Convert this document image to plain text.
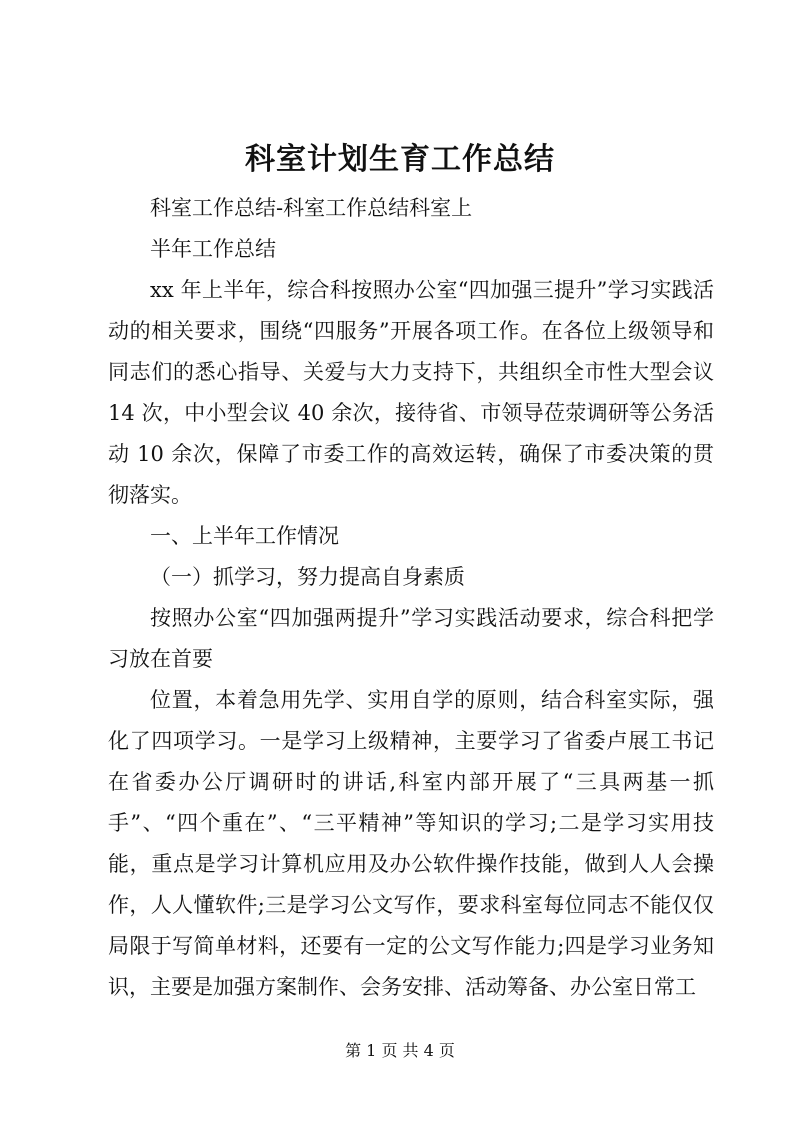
科室计划生育工作总结

科室工作总结-科室工作总结科室上

半年工作总结

xx 年上半年，综合科按照办公室“四加强三提升”学习实践活动的相关要求，围绕“四服务”开展各项工作。在各位上级领导和同志们的悉心指导、关爱与大力支持下，共组织全市性大型会议 14 次，中小型会议 40 余次，接待省、市领导莅荥调研等公务活动 10 余次，保障了市委工作的高效运转，确保了市委决策的贯彻落实。

一、上半年工作情况

（一）抓学习，努力提高自身素质

按照办公室“四加强两提升”学习实践活动要求，综合科把学习放在首要

位置，本着急用先学、实用自学的原则，结合科室实际，强化了四项学习。一是学习上级精神，主要学习了省委卢展工书记在省委办公厅调研时的讲话,科室内部开展了“三具两基一抓手”、“四个重在”、“三平精神”等知识的学习;二是学习实用技能，重点是学习计算机应用及办公软件操作技能，做到人人会操作，人人懂软件;三是学习公文写作，要求科室每位同志不能仅仅局限于写简单材料，还要有一定的公文写作能力;四是学习业务知识，主要是加强方案制作、会务安排、活动筹备、办公室日常工

第 1 页 共 4 页
